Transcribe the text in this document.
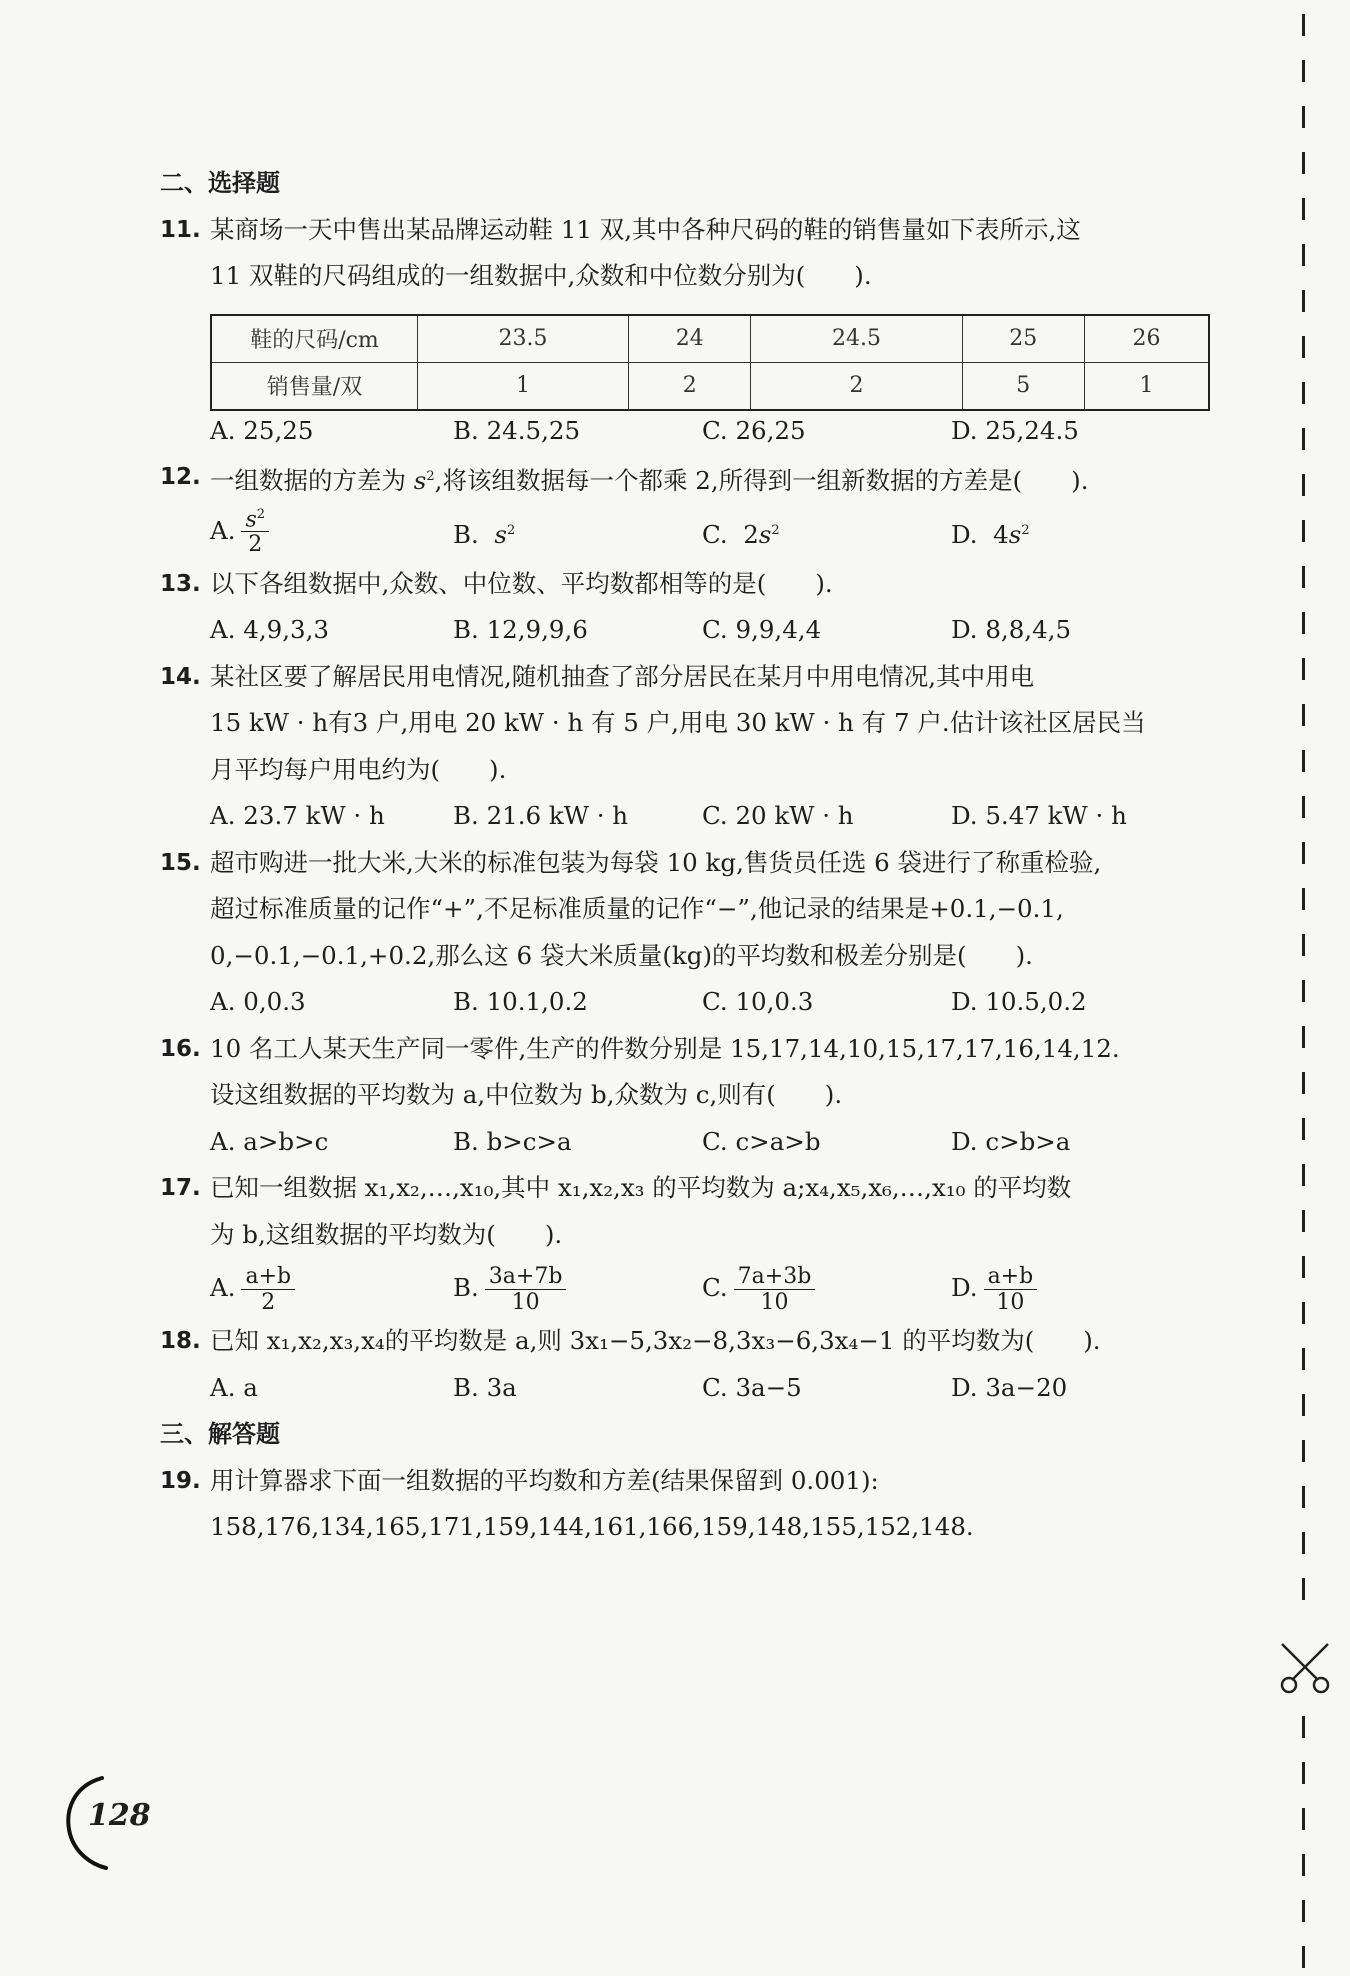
二、选择题
11. 某商场一天中售出某品牌运动鞋 11 双,其中各种尺码的鞋的销售量如下表所示,这
11 双鞋的尺码组成的一组数据中,众数和中位数分别为(　　).
鞋的尺码/cm	23.5	24	24.5	25	26
销售量/双	1	2	2	5	1
A. 25,25	B. 24.5,25	C. 26,25	D. 25,24.5
12. 一组数据的方差为 $s^2$,将该组数据每一个都乘 2,所得到一组新数据的方差是(　　).
A. $\frac{s^2}{2}$	B. $s^2$	C. $2s^2$	D. $4s^2$
13. 以下各组数据中,众数、中位数、平均数都相等的是(　　).
A. 4,9,3,3	B. 12,9,9,6	C. 9,9,4,4	D. 8,8,4,5
14. 某社区要了解居民用电情况,随机抽查了部分居民在某月中用电情况,其中用电
15 kW · h有3 户,用电 20 kW · h 有 5 户,用电 30 kW · h 有 7 户.估计该社区居民当
月平均每户用电约为(　　).
A. 23.7 kW · h	B. 21.6 kW · h	C. 20 kW · h	D. 5.47 kW · h
15. 超市购进一批大米,大米的标准包装为每袋 10 kg,售货员任选 6 袋进行了称重检验,
超过标准质量的记作“+”,不足标准质量的记作“−”,他记录的结果是+0.1,−0.1,
0,−0.1,−0.1,+0.2,那么这 6 袋大米质量(kg)的平均数和极差分别是(　　).
A. 0,0.3	B. 10.1,0.2	C. 10,0.3	D. 10.5,0.2
16. 10 名工人某天生产同一零件,生产的件数分别是 15,17,14,10,15,17,17,16,14,12.
设这组数据的平均数为 a,中位数为 b,众数为 c,则有(　　).
A. a>b>c	B. b>c>a	C. c>a>b	D. c>b>a
17. 已知一组数据 x₁,x₂,…,x₁₀,其中 x₁,x₂,x₃ 的平均数为 a;x₄,x₅,x₆,…,x₁₀ 的平均数
为 b,这组数据的平均数为(　　).
A. $\frac{a+b}{2}$	B. $\frac{3a+7b}{10}$	C. $\frac{7a+3b}{10}$	D. $\frac{a+b}{10}$
18. 已知 x₁,x₂,x₃,x₄的平均数是 a,则 3x₁−5,3x₂−8,3x₃−6,3x₄−1 的平均数为(　　).
A. a	B. 3a	C. 3a−5	D. 3a−20
三、解答题
19. 用计算器求下面一组数据的平均数和方差(结果保留到 0.001):
158,176,134,165,171,159,144,161,166,159,148,155,152,148.
128
